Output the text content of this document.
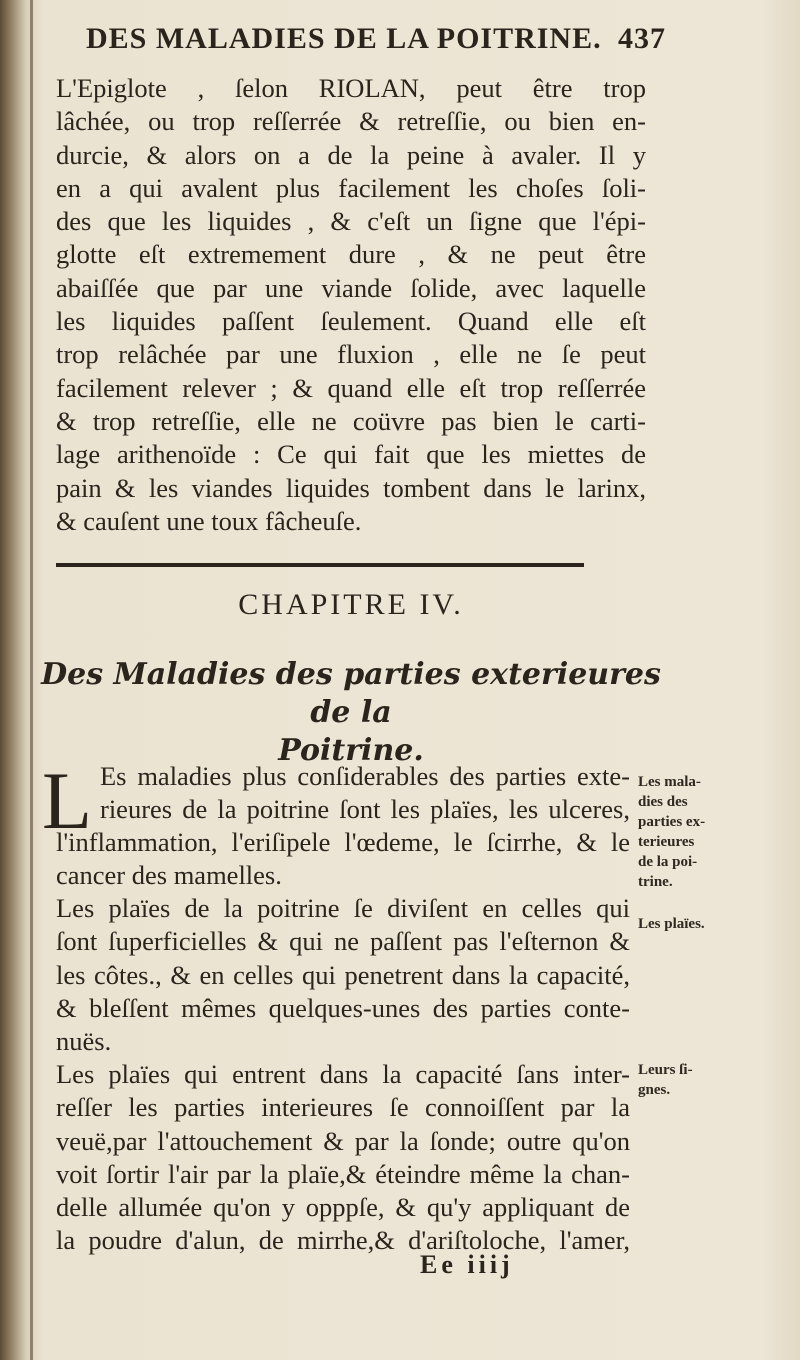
DES MALADIES DE LA POITRINE. 437
L'Epiglote , ſelon RIOLAN, peut être trop
lâchée, ou trop reſſerrée & retreſſie, ou bien en-
durcie, & alors on a de la peine à avaler. Il y
en a qui avalent plus facilement les choſes ſoli-
des que les liquides , & c'eſt un ſigne que l'épi-
glotte eſt extremement dure , & ne peut être
abaiſſée que par une viande ſolide, avec laquelle
les liquides paſſent ſeulement. Quand elle eſt
trop relâchée par une fluxion , elle ne ſe peut
facilement relever ; & quand elle eſt trop reſſerrée
& trop retreſſie, elle ne coüvre pas bien le carti-
lage arithenoïde : Ce qui fait que les miettes de
pain & les viandes liquides tombent dans le larinx,
& cauſent une toux fâcheuſe.
CHAPITRE IV.
Des Maladies des parties exterieures de la
Poitrine.
L Es maladies plus conſiderables des parties exte-
rieures de la poitrine ſont les plaïes, les ulceres,
l'inflammation, l'eriſipele l'œdeme, le ſcirrhe, & le
cancer des mamelles.
Les plaïes de la poitrine ſe diviſent en celles qui
ſont ſuperficielles & qui ne paſſent pas l'eſternon &
les côtes., & en celles qui penetrent dans la capacité,
& bleſſent mêmes quelques-unes des parties conte-
nuës.
Les plaïes qui entrent dans la capacité ſans inter-
reſſer les parties interieures ſe connoiſſent par la
veuë,par l'attouchement & par la ſonde; outre qu'on
voit ſortir l'air par la plaïe,& éteindre même la chan-
delle allumée qu'on y opppſe, & qu'y appliquant de
la poudre d'alun, de mirrhe,& d'ariſtoloche, l'amer,
Les mala-
dies des
parties ex-
terieures
de la poi-
trine.
Les plaïes.
Leurs ſi-
gnes.
Ee iiij
